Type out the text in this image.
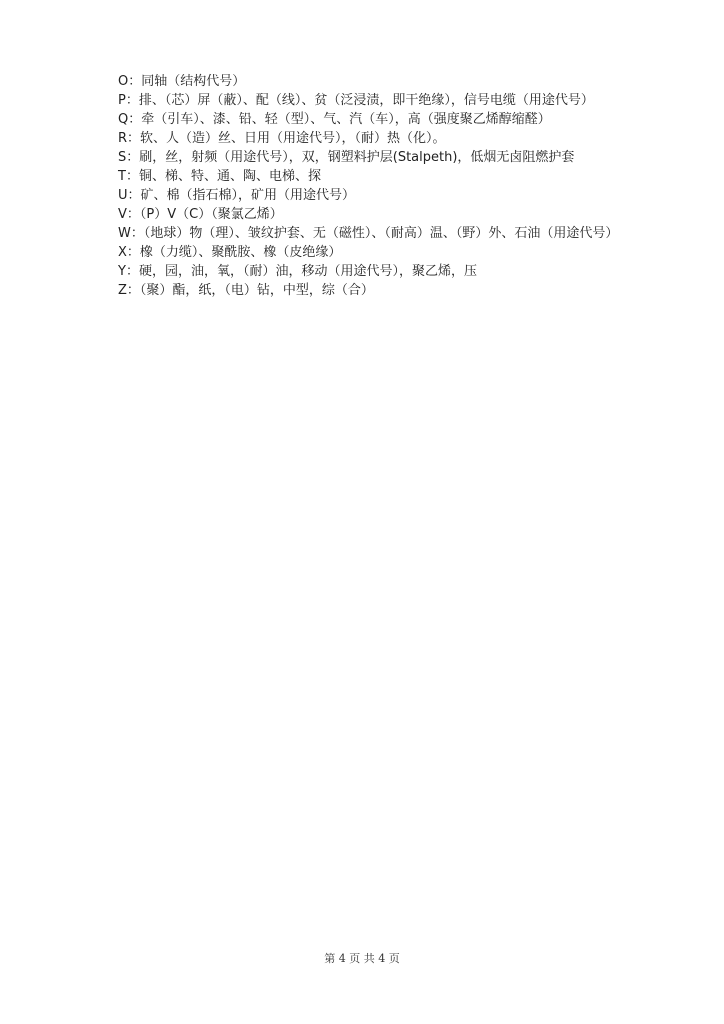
O：同轴（结构代号）

P：排、（芯）屏（蔽）、配（线）、贫（泛浸渍，即干绝缘），信号电缆（用途代号）

Q：牵（引车）、漆、铅、轻（型）、气、汽（车），高（强度聚乙烯醇缩醛）

R：软、人（造）丝、日用（用途代号），（耐）热（化）。

S：刷，丝，射频（用途代号），双，钢塑料护层(Stalpeth)，低烟无卤阻燃护套

T：铜、梯、特、通、陶、电梯、探

U：矿、棉（指石棉），矿用（用途代号）

V：（P）V（C）（聚氯乙烯）

W：（地球）物（理）、皱纹护套、无（磁性）、（耐高）温、（野）外、石油（用途代号）

X：橡（力缆）、聚酰胺、橡（皮绝缘）

Y：硬，园，油，氧，（耐）油，移动（用途代号），聚乙烯，压

Z：（聚）酯，纸，（电）钻，中型，综（合）

第 4 页 共 4 页
